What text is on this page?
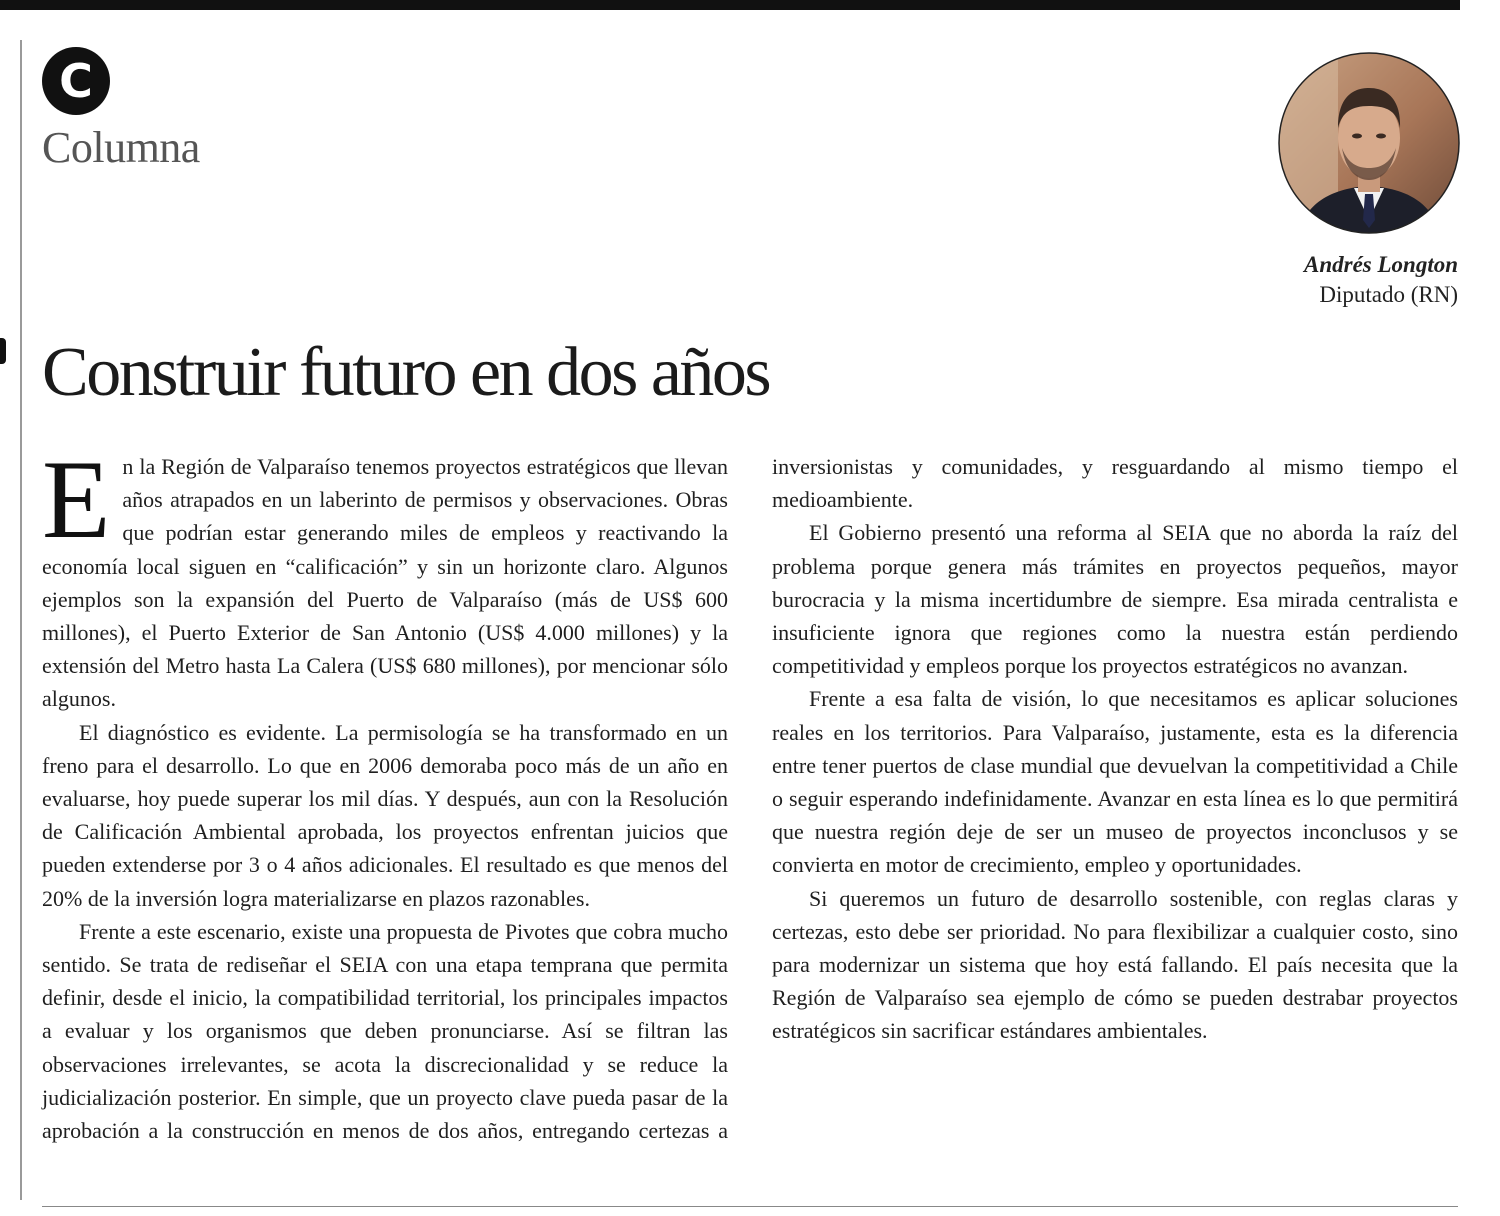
C
Columna
Andrés Longton
Diputado (RN)
Construir futuro en dos años

En la Región de Valparaíso tenemos proyectos estratégicos que llevan años atrapados en un laberinto de permisos y observaciones. Obras que podrían estar generando miles de empleos y reactivando la economía local siguen en “calificación” y sin un horizonte claro. Algunos ejemplos son la expansión del Puerto de Valparaíso (más de US$ 600 millones), el Puerto Exterior de San Antonio (US$ 4.000 millones) y la extensión del Metro hasta La Calera (US$ 680 millones), por mencionar sólo algunos.

El diagnóstico es evidente. La permisología se ha transformado en un freno para el desarrollo. Lo que en 2006 demoraba poco más de un año en evaluarse, hoy puede superar los mil días. Y después, aun con la Resolución de Calificación Ambiental aprobada, los proyectos enfrentan juicios que pueden extenderse por 3 o 4 años adicionales. El resultado es que menos del 20% de la inversión logra materializarse en plazos razonables.

Frente a este escenario, existe una propuesta de Pivotes que cobra mucho sentido. Se trata de rediseñar el SEIA con una etapa temprana que permita definir, desde el inicio, la compatibilidad territorial, los principales impactos a evaluar y los organismos que deben pronunciarse. Así se filtran las observaciones irrelevantes, se acota la discrecionalidad y se reduce la judicialización posterior. En simple, que un proyecto clave pueda pasar de la aprobación a la construcción en menos de dos años, entregando certezas a inversionistas y comunidades, y resguardando al mismo tiempo el medioambiente.

El Gobierno presentó una reforma al SEIA que no aborda la raíz del problema porque genera más trámites en proyectos pequeños, mayor burocracia y la misma incertidumbre de siempre. Esa mirada centralista e insuficiente ignora que regiones como la nuestra están perdiendo competitividad y empleos porque los proyectos estratégicos no avanzan.

Frente a esa falta de visión, lo que necesitamos es aplicar soluciones reales en los territorios. Para Valparaíso, justamente, esta es la diferencia entre tener puertos de clase mundial que devuelvan la competitividad a Chile o seguir esperando indefinidamente. Avanzar en esta línea es lo que permitirá que nuestra región deje de ser un museo de proyectos inconclusos y se convierta en motor de crecimiento, empleo y oportunidades.

Si queremos un futuro de desarrollo sostenible, con reglas claras y certezas, esto debe ser prioridad. No para flexibilizar a cualquier costo, sino para modernizar un sistema que hoy está fallando. El país necesita que la Región de Valparaíso sea ejemplo de cómo se pueden destrabar proyectos estratégicos sin sacrificar estándares ambientales.
